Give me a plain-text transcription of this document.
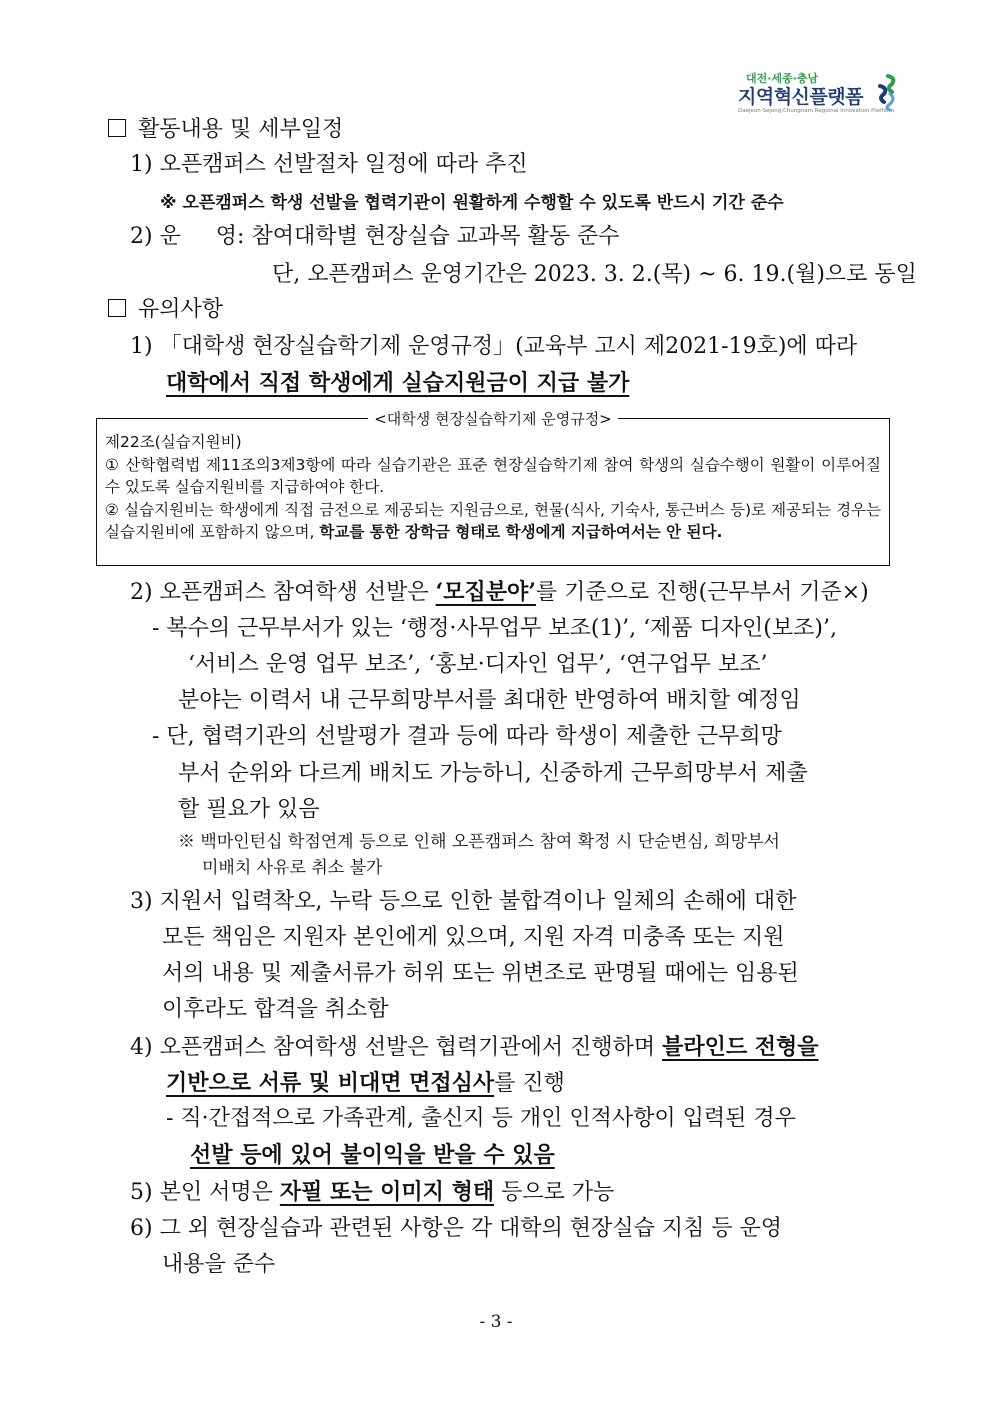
대전·세종·충남
지역혁신플랫폼
Daejeon·Sejong·Chungnam Regional Innovation Platform
활동내용 및 세부일정
1) 오픈캠퍼스 선발절차 일정에 따라 추진
※ 오픈캠퍼스 학생 선발을 협력기관이 원활하게 수행할 수 있도록 반드시 기간 준수
2) 운     영: 참여대학별 현장실습 교과목 활동 준수
단, 오픈캠퍼스 운영기간은 2023. 3. 2.(목) ~ 6. 19.(월)으로 동일
유의사항
1) 「대학생 현장실습학기제 운영규정」(교육부 고시 제2021-19호)에 따라
대학에서 직접 학생에게 실습지원금이 지급 불가
<대학생 현장실습학기제 운영규정>
제22조(실습지원비)
① 산학협력법 제11조의3제3항에 따라 실습기관은 표준 현장실습학기제 참여 학생의 실습수행이 원활이 이루어질 수 있도록 실습지원비를 지급하여야 한다.
② 실습지원비는 학생에게 직접 금전으로 제공되는 지원금으로, 현물(식사, 기숙사, 통근버스 등)로 제공되는 경우는 실습지원비에 포함하지 않으며, 학교를 통한 장학금 형태로 학생에게 지급하여서는 안 된다.
2) 오픈캠퍼스 참여학생 선발은 ‘모집분야’를 기준으로 진행(근무부서 기준×)
- 복수의 근무부서가 있는 ‘행정·사무업무 보조(1)’, ‘제품 디자인(보조)’,
‘서비스 운영 업무 보조’, ‘홍보·디자인 업무’, ‘연구업무 보조’
분야는 이력서 내 근무희망부서를 최대한 반영하여 배치할 예정임
- 단, 협력기관의 선발평가 결과 등에 따라 학생이 제출한 근무희망
부서 순위와 다르게 배치도 가능하니, 신중하게 근무희망부서 제출
할 필요가 있음
※ 백마인턴십 학점연계 등으로 인해 오픈캠퍼스 참여 확정 시 단순변심, 희망부서
미배치 사유로 취소 불가
3) 지원서 입력착오, 누락 등으로 인한 불합격이나 일체의 손해에 대한
모든 책임은 지원자 본인에게 있으며, 지원 자격 미충족 또는 지원
서의 내용 및 제출서류가 허위 또는 위변조로 판명될 때에는 임용된
이후라도 합격을 취소함
4) 오픈캠퍼스 참여학생 선발은 협력기관에서 진행하며 블라인드 전형을
기반으로 서류 및 비대면 면접심사를 진행
- 직·간접적으로 가족관계, 출신지 등 개인 인적사항이 입력된 경우
선발 등에 있어 불이익을 받을 수 있음
5) 본인 서명은 자필 또는 이미지 형태 등으로 가능
6) 그 외 현장실습과 관련된 사항은 각 대학의 현장실습 지침 등 운영
내용을 준수
- 3 -
